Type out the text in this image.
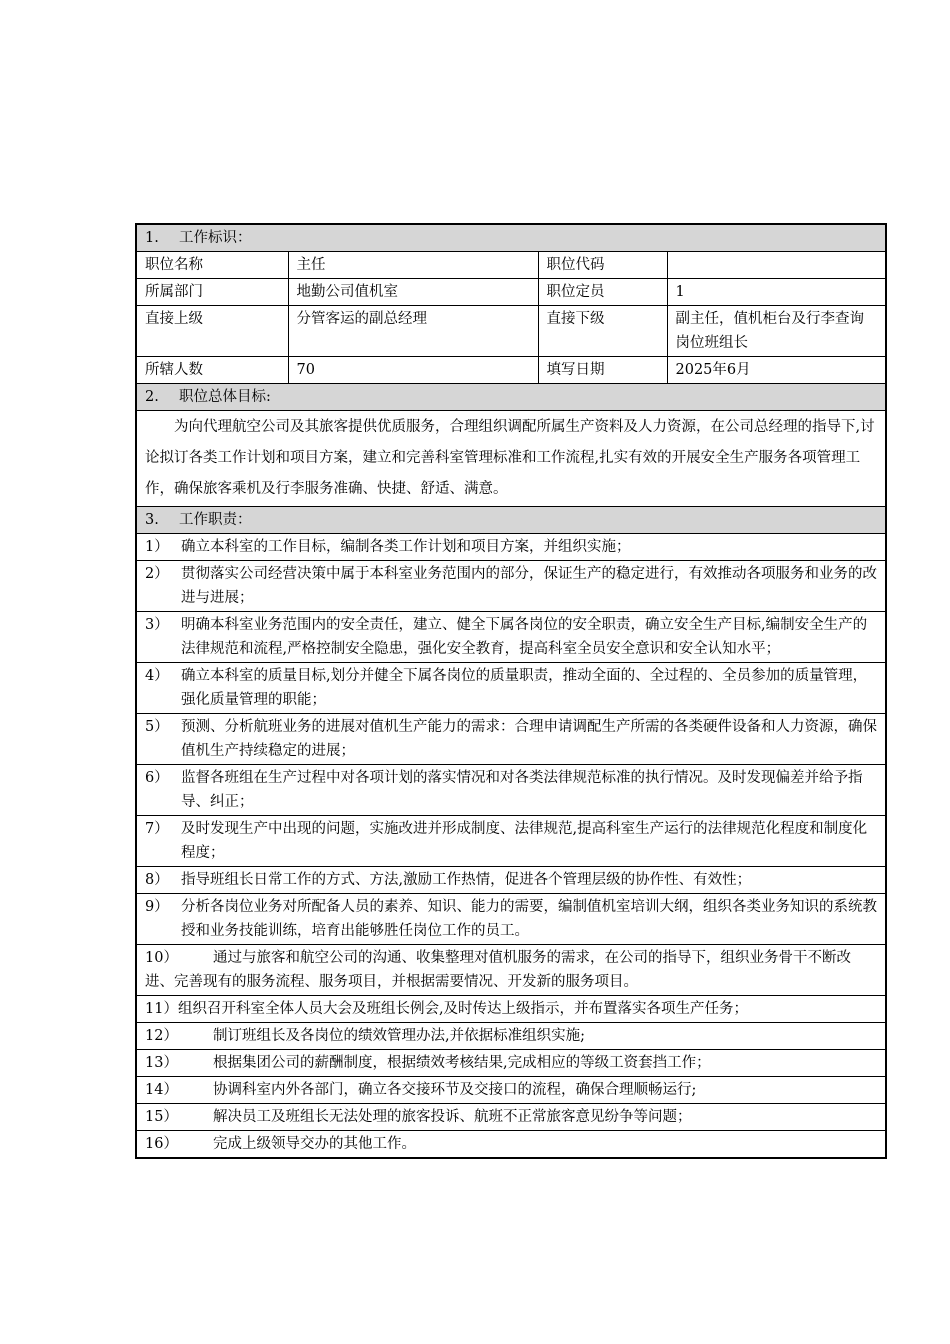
1. 工作标识：			
职位名称	主任	职位代码	
所属部门	地勤公司值机室	职位定员	1
直接上级	分管客运的副总经理	直接下级	副主任，值机柜台及行李查询岗位班组长
所辖人数	70	填写日期	2025年6月
2. 职位总体目标:			
为向代理航空公司及其旅客提供优质服务，合理组织调配所属生产资料及人力资源，在公司总经理的指导下,讨论拟订各类工作计划和项目方案，建立和完善科室管理标准和工作流程,扎实有效的开展安全生产服务各项管理工作，确保旅客乘机及行李服务准确、快捷、舒适、满意。			
3. 工作职责：			

1） 确立本科室的工作目标，编制各类工作计划和项目方案，并组织实施；			

2） 贯彻落实公司经营决策中属于本科室业务范围内的部分，保证生产的稳定进行，有效推动各项服务和业务的改进与进展；			

3） 明确本科室业务范围内的安全责任，建立、健全下属各岗位的安全职责，确立安全生产目标,编制安全生产的法律规范和流程,严格控制安全隐患，强化安全教育，提高科室全员安全意识和安全认知水平；			

4） 确立本科室的质量目标,划分并健全下属各岗位的质量职责，推动全面的、全过程的、全员参加的质量管理，强化质量管理的职能；			

5） 预测、分析航班业务的进展对值机生产能力的需求：合理申请调配生产所需的各类硬件设备和人力资源，确保值机生产持续稳定的进展；			

6） 监督各班组在生产过程中对各项计划的落实情况和对各类法律规范标准的执行情况。及时发现偏差并给予指导、纠正；			

7） 及时发现生产中出现的问题，实施改进并形成制度、法律规范,提高科室生产运行的法律规范化程度和制度化程度；			

8） 指导班组长日常工作的方式、方法,激励工作热情，促进各个管理层级的协作性、有效性；			

9） 分析各岗位业务对所配备人员的素养、知识、能力的需要，编制值机室培训大纲，组织各类业务知识的系统教授和业务技能训练，培育出能够胜任岗位工作的员工。			

10） 通过与旅客和航空公司的沟通、收集整理对值机服务的需求，在公司的指导下，组织业务骨干不断改进、完善现有的服务流程、服务项目，并根据需要情况、开发新的服务项目。			

11） 组织召开科室全体人员大会及班组长例会,及时传达上级指示，并布置落实各项生产任务；			

12） 制订班组长及各岗位的绩效管理办法,并依据标准组织实施;			

13） 根据集团公司的薪酬制度，根据绩效考核结果,完成相应的等级工资套挡工作；			

14） 协调科室内外各部门，确立各交接环节及交接口的流程，确保合理顺畅运行;			

15） 解决员工及班组长无法处理的旅客投诉、航班不正常旅客意见纷争等问题；			

16） 完成上级领导交办的其他工作。			
